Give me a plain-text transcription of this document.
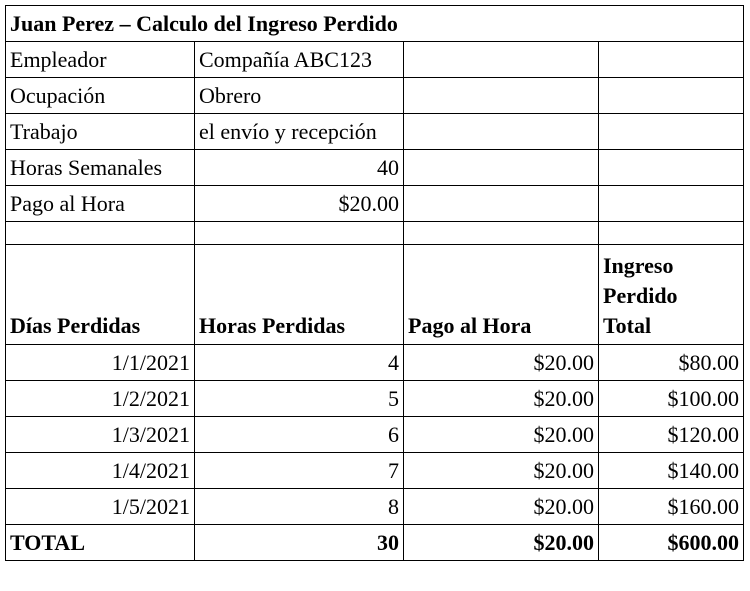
Juan Perez – Calculo del Ingreso Perdido			
Empleador	Compañía ABC123		
Ocupación	Obrero		
Trabajo	el envío y recepción		
Horas Semanales	40		
Pago al Hora	$20.00		

Días Perdidas	Horas Perdidas	Pago al Hora	Ingreso Perdido Total
1/1/2021	4	$20.00	$80.00
1/2/2021	5	$20.00	$100.00
1/3/2021	6	$20.00	$120.00
1/4/2021	7	$20.00	$140.00
1/5/2021	8	$20.00	$160.00
TOTAL	30	$20.00	$600.00
